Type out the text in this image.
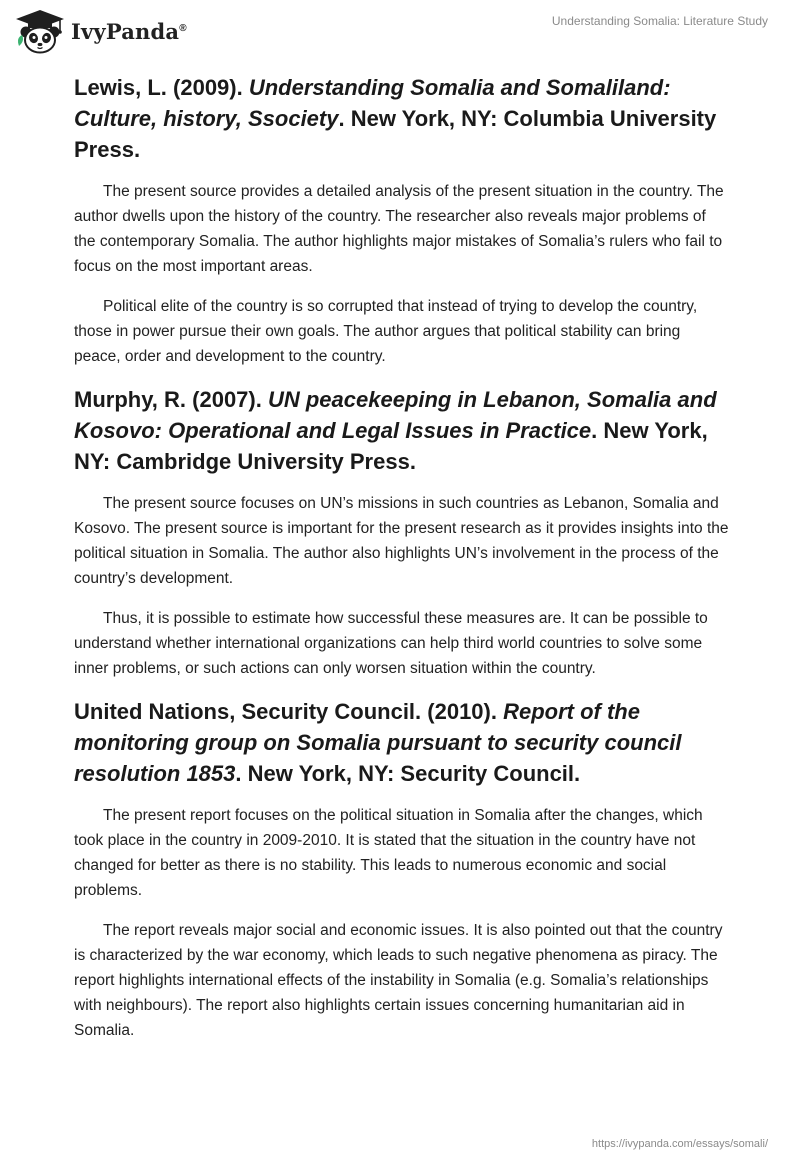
IvyPanda®	Understanding Somalia: Literature Study
Lewis, L. (2009). Understanding Somalia and Somaliland: Culture, history, Ssociety. New York, NY: Columbia University Press.

The present source provides a detailed analysis of the present situation in the country. The author dwells upon the history of the country. The researcher also reveals major problems of the contemporary Somalia. The author highlights major mistakes of Somalia’s rulers who fail to focus on the most important areas.

Political elite of the country is so corrupted that instead of trying to develop the country, those in power pursue their own goals. The author argues that political stability can bring peace, order and development to the country.

Murphy, R. (2007). UN peacekeeping in Lebanon, Somalia and Kosovo: Operational and Legal Issues in Practice. New York, NY: Cambridge University Press.

The present source focuses on UN’s missions in such countries as Lebanon, Somalia and Kosovo. The present source is important for the present research as it provides insights into the political situation in Somalia. The author also highlights UN’s involvement in the process of the country’s development.

Thus, it is possible to estimate how successful these measures are. It can be possible to understand whether international organizations can help third world countries to solve some inner problems, or such actions can only worsen situation within the country.

United Nations, Security Council. (2010). Report of the monitoring group on Somalia pursuant to security council resolution 1853. New York, NY: Security Council.

The present report focuses on the political situation in Somalia after the changes, which took place in the country in 2009-2010. It is stated that the situation in the country have not changed for better as there is no stability. This leads to numerous economic and social problems.

The report reveals major social and economic issues. It is also pointed out that the country is characterized by the war economy, which leads to such negative phenomena as piracy. The report highlights international effects of the instability in Somalia (e.g. Somalia’s relationships with neighbours). The report also highlights certain issues concerning humanitarian aid in Somalia.

https://ivypanda.com/essays/somali/
